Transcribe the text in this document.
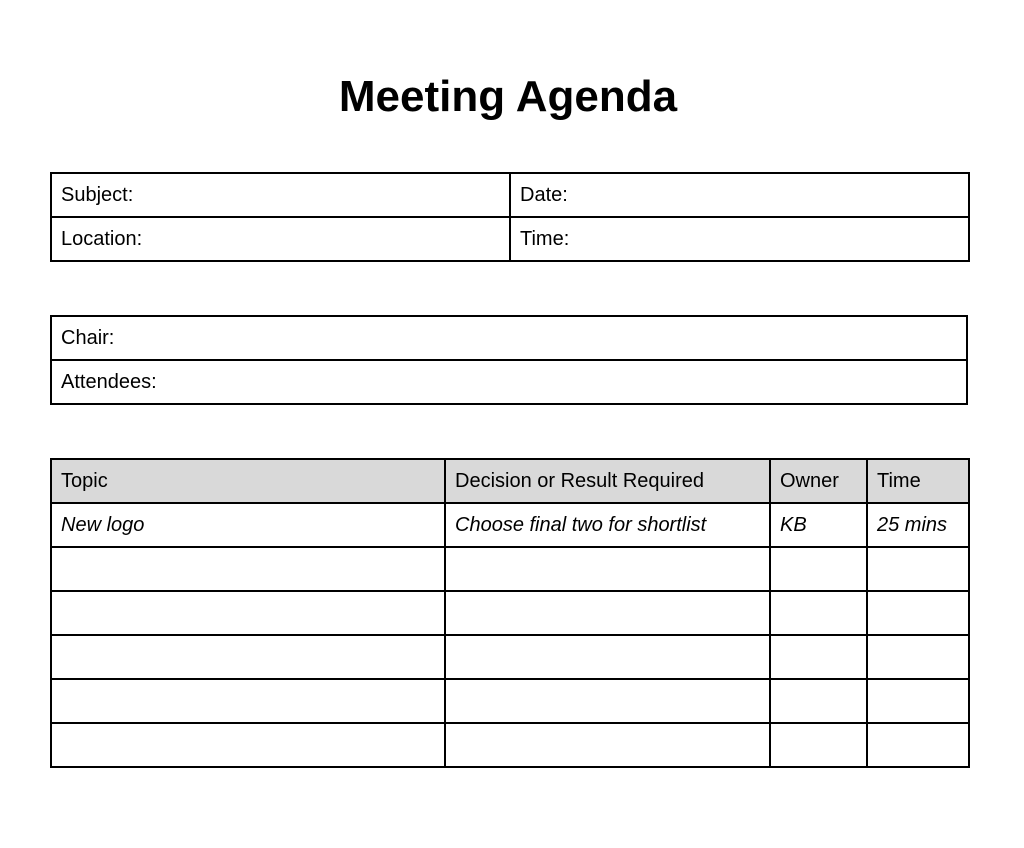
Meeting Agenda
Subject:	Date:
Location:	Time:
Chair:
Attendees:
Topic	Decision or Result Required	Owner	Time
New logo	Choose final two for shortlist	KB	25 mins
